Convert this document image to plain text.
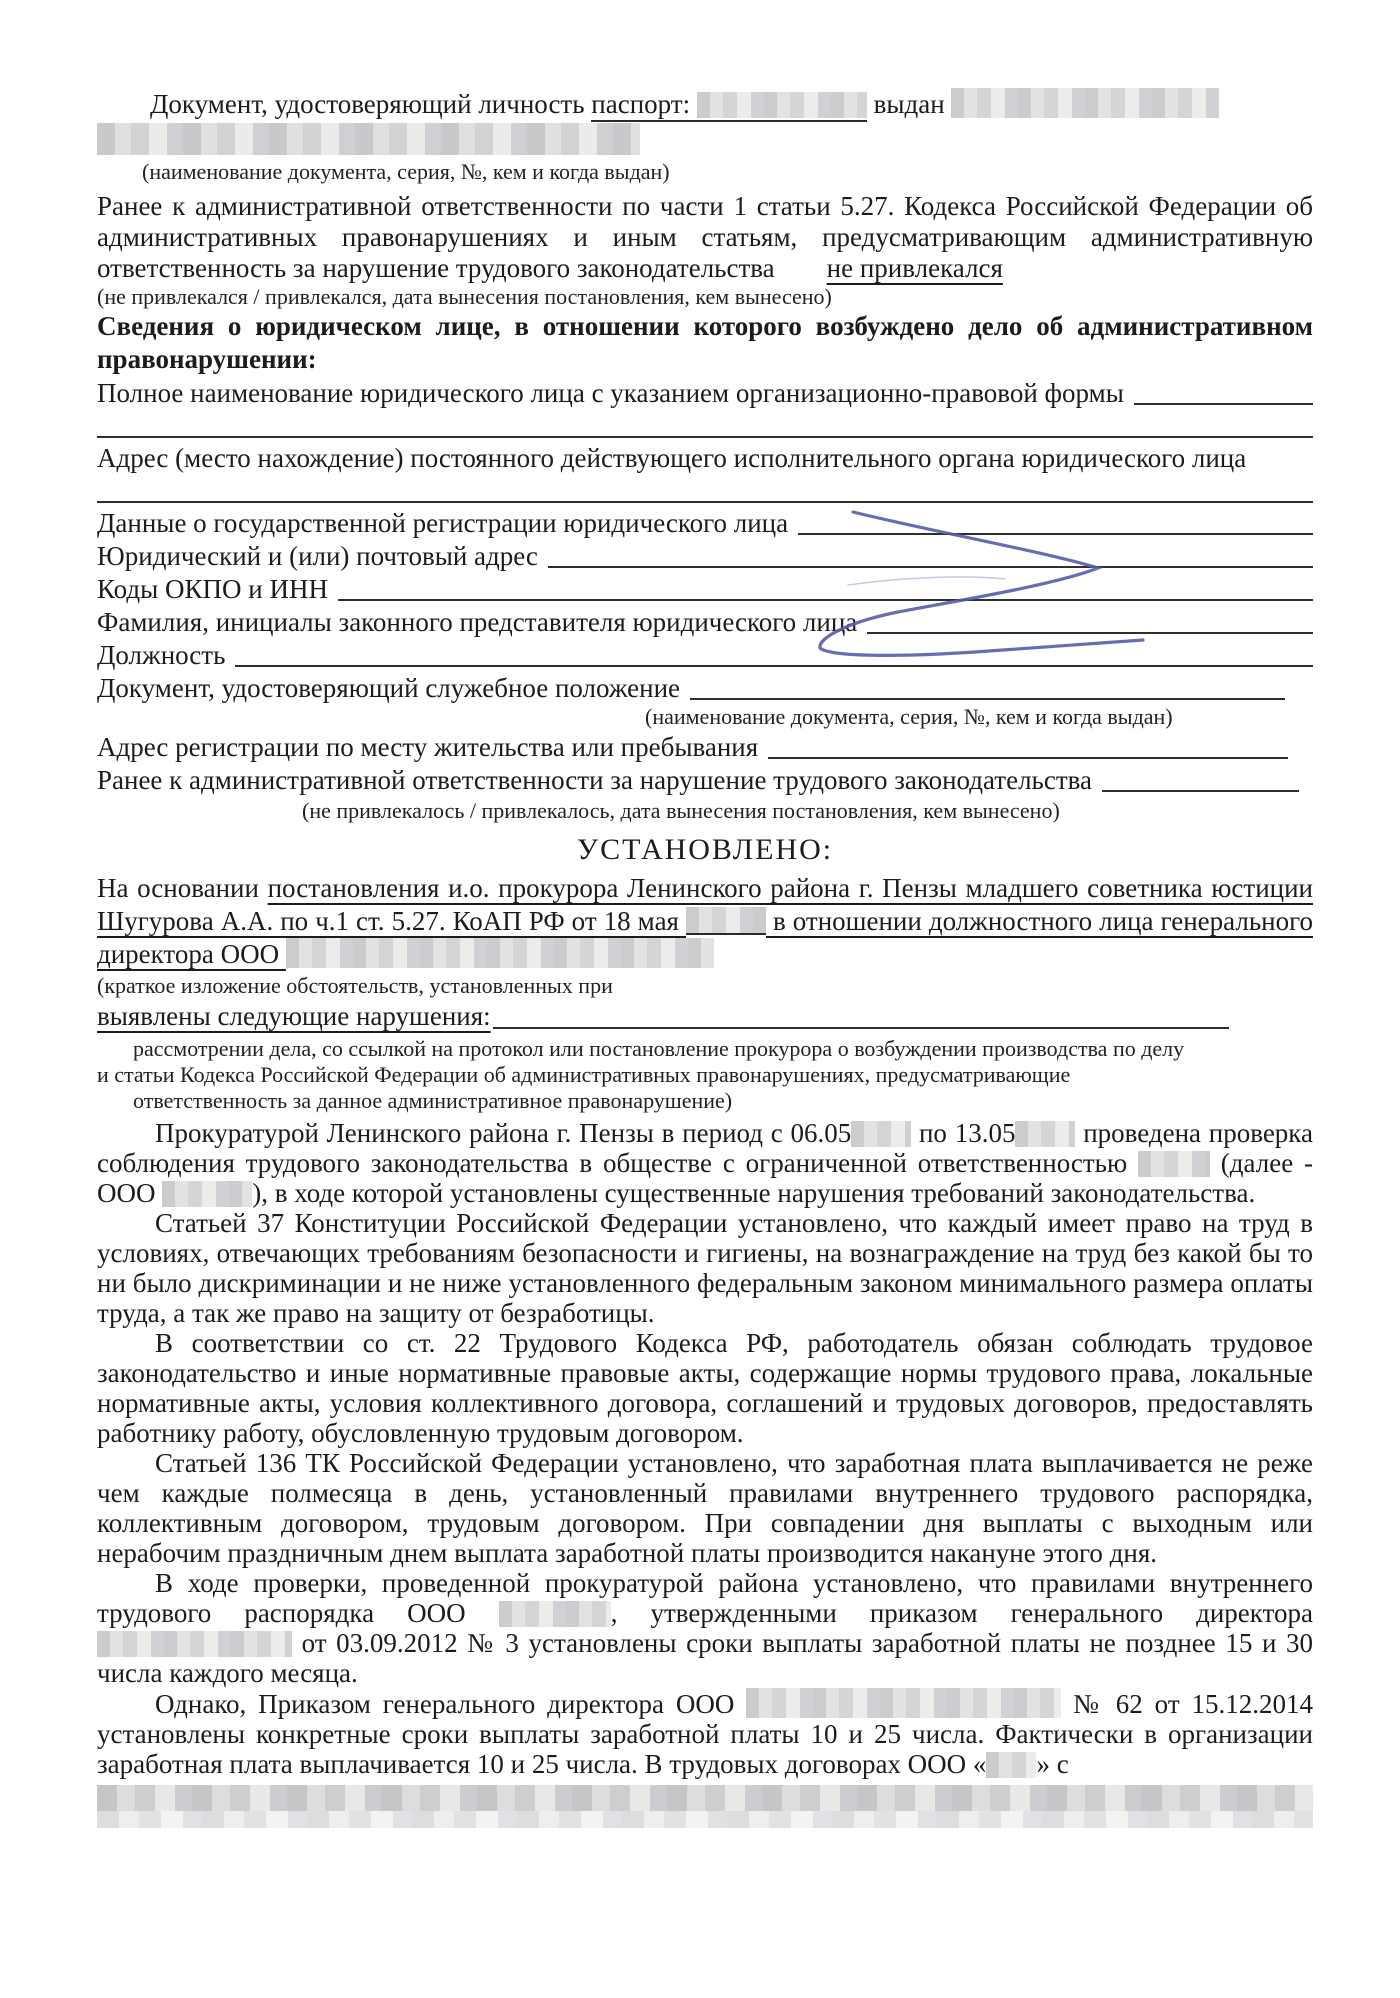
Документ, удостоверяющий личность паспорт:	выдан
(наименование документа, серия, №, кем и когда выдан)

Ранее к административной ответственности по части 1 статьи 5.27. Кодекса Российской Федерации об административных правонарушениях и иным статьям, предусматривающим административную ответственность за нарушение трудового законодательства не привлекался

(не привлекался / привлекался, дата вынесения постановления, кем вынесено)
Сведения о юридическом лице, в отношении которого возбуждено дело об административном правонарушении:
Полное наименование юридического лица с указанием организационно-правовой формы
Адрес (место нахождение) постоянного действующего исполнительного органа юридического лица
Данные о государственной регистрации юридического лица
Юридический и (или) почтовый адрес
Коды ОКПО и ИНН
Фамилия, инициалы законного представителя юридического лица
Должность
Документ, удостоверяющий служебное положение
(наименование документа, серия, №, кем и когда выдан)
Адрес регистрации по месту жительства или пребывания
Ранее к административной ответственности за нарушение трудового законодательства
(не привлекалось / привлекалось, дата вынесения постановления, кем вынесено)
УСТАНОВЛЕНО:

На основании постановления и.о. прокурора Ленинского района г. Пензы младшего советника юстиции Шугурова А.А. по ч.1 ст. 5.27. КоАП РФ от 18 мая	в отношении должностного лица генерального директора ООО

(краткое изложение обстоятельств, установленных при
выявлены следующие нарушения:
рассмотрении дела, со ссылкой на протокол или постановление прокурора о возбуждении производства по делу
и статьи Кодекса Российской Федерации об административных правонарушениях, предусматривающие
ответственность за данное административное правонарушение)

Прокуратурой Ленинского района г. Пензы в период с 06.05 по 13.05 проведена проверка соблюдения трудового законодательства в обществе с ограниченной ответственностью	(далее - ООО	), в ходе которой установлены существенные нарушения требований законодательства.

Статьей 37 Конституции Российской Федерации установлено, что каждый имеет право на труд в условиях, отвечающих требованиям безопасности и гигиены, на вознаграждение на труд без какой бы то ни было дискриминации и не ниже установленного федеральным законом минимального размера оплаты труда, а так же право на защиту от безработицы.

В соответствии со ст. 22 Трудового Кодекса РФ, работодатель обязан соблюдать трудовое законодательство и иные нормативные правовые акты, содержащие нормы трудового права, локальные нормативные акты, условия коллективного договора, соглашений и трудовых договоров, предоставлять работнику работу, обусловленную трудовым договором.

Статьей 136 ТК Российской Федерации установлено, что заработная плата выплачивается не реже чем каждые полмесяца в день, установленный правилами внутреннего трудового распорядка, коллективным договором, трудовым договором. При совпадении дня выплаты с выходным или нерабочим праздничным днем выплата заработной платы производится накануне этого дня.

В ходе проверки, проведенной прокуратурой района установлено, что правилами внутреннего трудового распорядка ООО	, утвержденными приказом генерального директора  от 03.09.2012 № 3 установлены сроки выплаты заработной платы не позднее 15 и 30 числа каждого месяца.

Однако, Приказом генерального директора ООО	№ 62 от 15.12.2014 установлены конкретные сроки выплаты заработной платы 10 и 25 числа. Фактически в организации заработная плата выплачивается 10 и 25 числа. В трудовых договорах ООО « » с
